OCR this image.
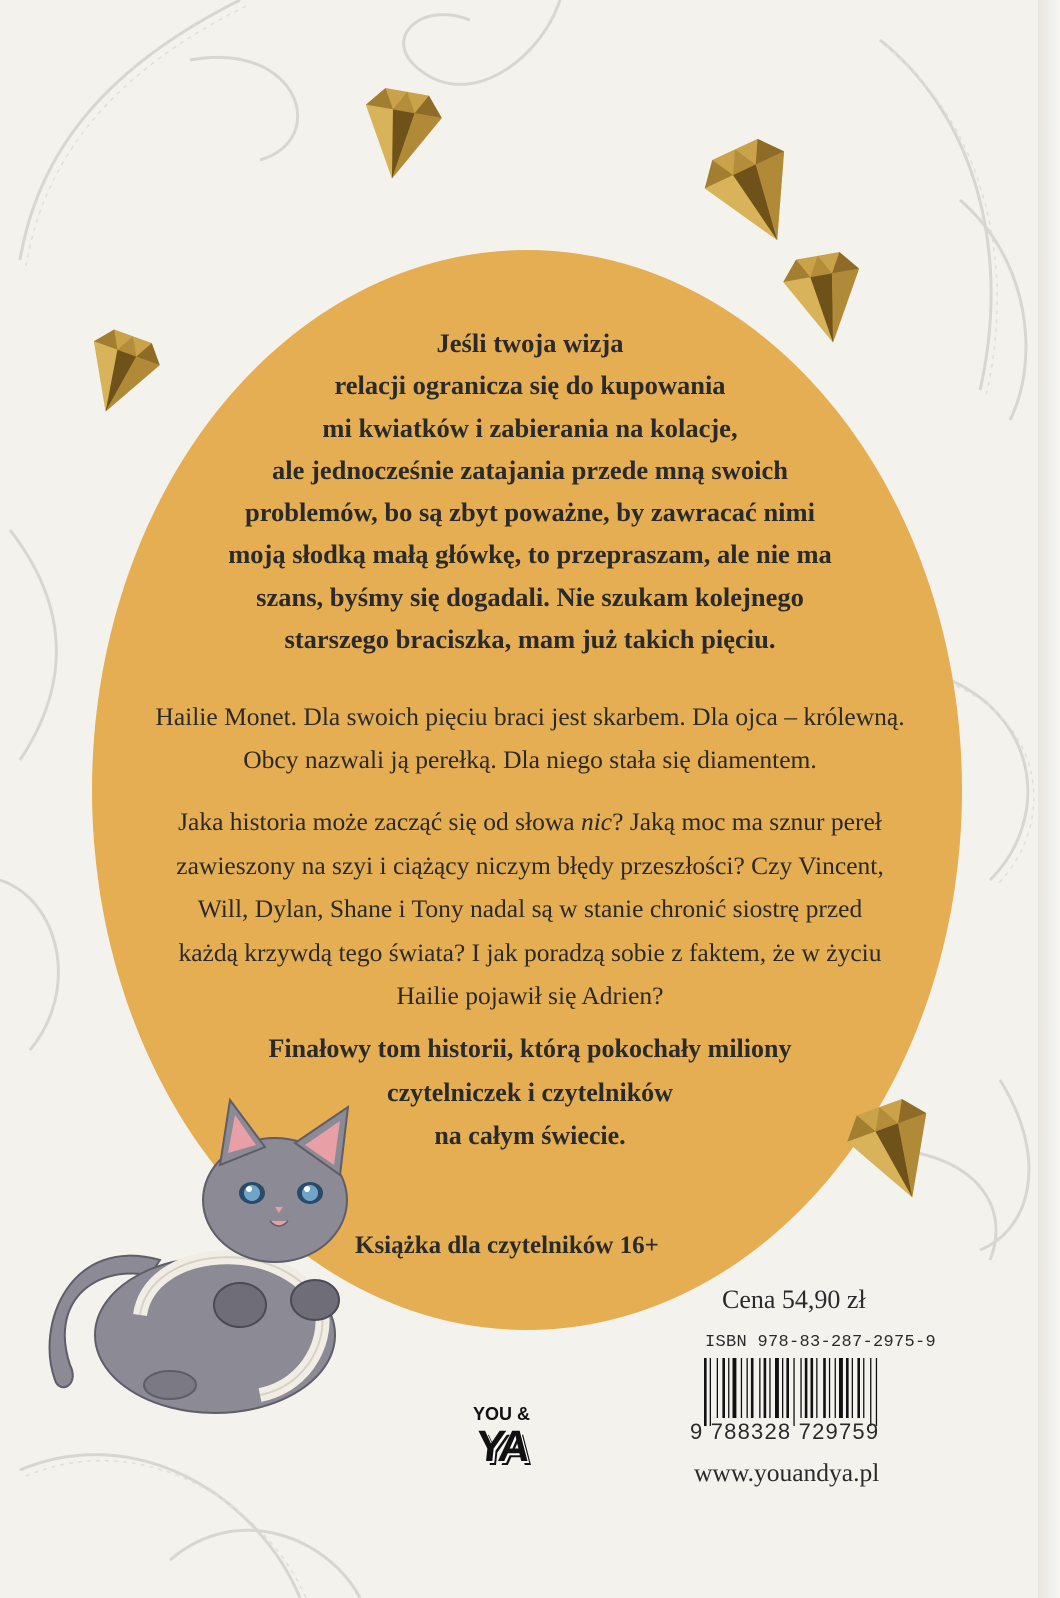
Jeśli twoja wizja
relacji ogranicza się do kupowania
mi kwiatków i zabierania na kolacje,
ale jednocześnie zatajania przede mną swoich
problemów, bo są zbyt poważne, by zawracać nimi
moją słodką małą główkę, to przepraszam, ale nie ma
szans, byśmy się dogadali. Nie szukam kolejnego
starszego braciszka, mam już takich pięciu.
Hailie Monet. Dla swoich pięciu braci jest skarbem. Dla ojca – królewną.
Obcy nazwali ją perełką. Dla niego stała się diamentem.
Jaka historia może zacząć się od słowa nic? Jaką moc ma sznur pereł
zawieszony na szyi i ciążący niczym błędy przeszłości? Czy Vincent,
Will, Dylan, Shane i Tony nadal są w stanie chronić siostrę przed
każdą krzywdą tego świata? I jak poradzą sobie z faktem, że w życiu
Hailie pojawił się Adrien?
Finałowy tom historii, którą pokochały miliony
czytelniczek i czytelników
na całym świecie.

Książka dla czytelników 16+

Cena 54,90 zł

ISBN 978-83-287-2975-9

9 788328 729759

YOU &
YA

www.youandya.pl
